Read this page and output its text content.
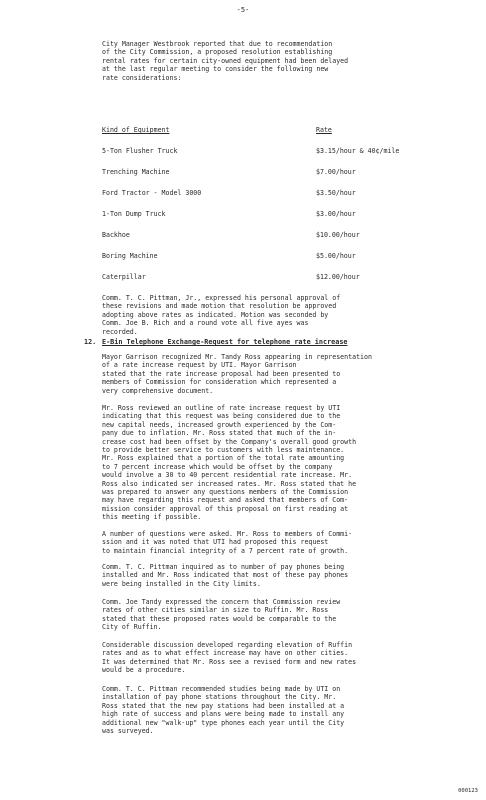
-5-
City Manager Westbrook reported that due to recommendation
of the City Commission, a proposed resolution establishing
rental rates for certain city-owned equipment had been delayed
at the last regular meeting to consider the following new
rate considerations:
Kind of Equipment	Rate
5-Ton Flusher Truck	$3.15/hour & 40¢/mile
Trenching Machine	$7.00/hour
Ford Tractor - Model 3000	$3.50/hour
1-Ton Dump Truck	$3.00/hour
Backhoe	$10.00/hour
Boring Machine	$5.00/hour
Caterpillar	$12.00/hour
Comm. T. C. Pittman, Jr., expressed his personal approval of
these revisions and made motion that resolution be approved
adopting above rates as indicated. Motion was seconded by
Comm. Joe B. Rich and a round vote all five ayes was
recorded.
12. E-Bin Telephone Exchange-Request for telephone rate increase
Mayor Garrison recognized Mr. Tandy Ross appearing in representation
of a rate increase request by UTI. Mayor Garrison
stated that the rate increase proposal had been presented to
members of Commission for consideration which represented a
very comprehensive document.
Mr. Ross reviewed an outline of rate increase request by UTI
indicating that this request was being considered due to the
new capital needs, increased growth experienced by the Com-
pany due to inflation. Mr. Ross stated that much of the in-
crease cost had been offset by the Company's overall good growth
to provide better service to customers with less maintenance.
Mr. Ross explained that a portion of the total rate amounting
to 7 percent increase which would be offset by the company
would involve a 30 to 40 percent residential rate increase. Mr.
Ross also indicated ser increased rates. Mr. Ross stated that he
was prepared to answer any questions members of the Commission
may have regarding this request and asked that members of Com-
mission consider approval of this proposal on first reading at
this meeting if possible.
A number of questions were asked. Mr. Ross to members of Commi-
ssion and it was noted that UTI had proposed this request
to maintain financial integrity of a 7 percent rate of growth.
Comm. T. C. Pittman inquired as to number of pay phones being
installed and Mr. Ross indicated that most of these pay phones
were being installed in the City limits.
Comm. Joe Tandy expressed the concern that Commission review
rates of other cities similar in size to Ruffin. Mr. Ross
stated that these proposed rates would be comparable to the
City of Ruffin.
Considerable discussion developed regarding elevation of Ruffin
rates and as to what effect increase may have on other cities.
It was determined that Mr. Ross see a revised form and new rates
would be a procedure.
Comm. T. C. Pittman recommended studies being made by UTI on
installation of pay phone stations throughout the City. Mr.
Ross stated that the new pay stations had been installed at a
high rate of success and plans were being made to install any
additional new "walk-up" type phones each year until the City
was surveyed.
000123
